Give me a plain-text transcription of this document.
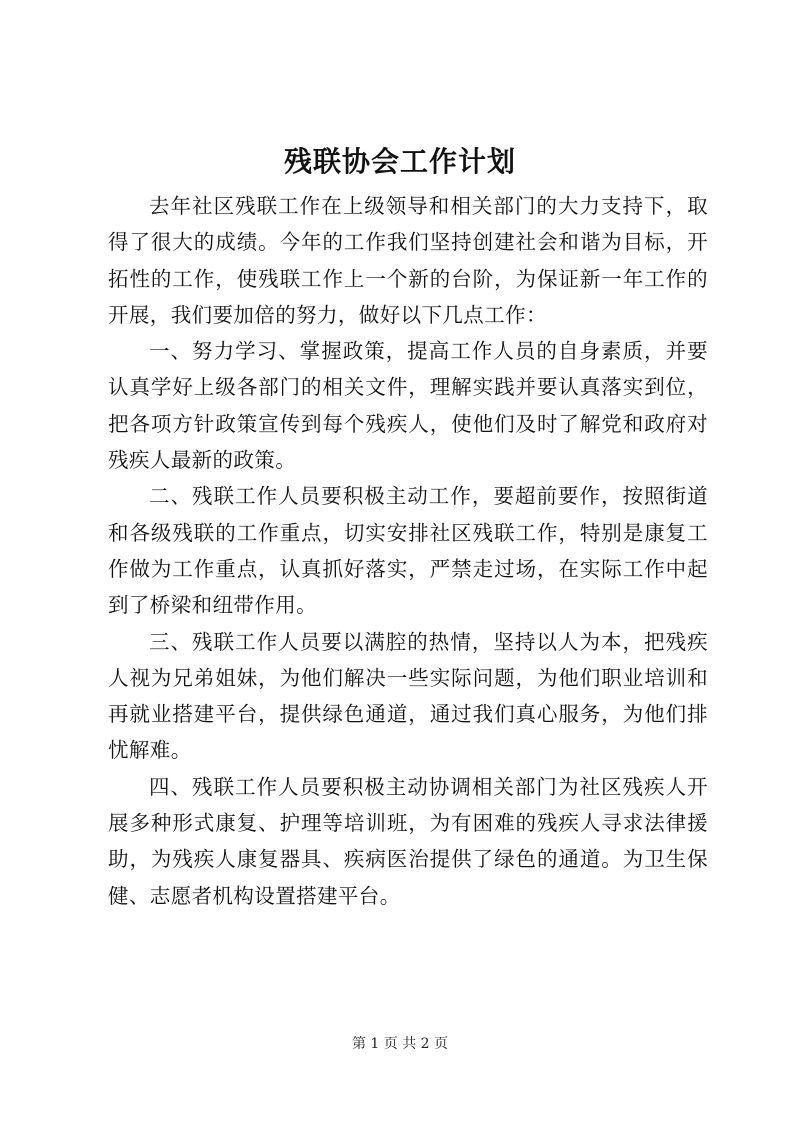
残联协会工作计划

去年社区残联工作在上级领导和相关部门的大力支持下，取得了很大的成绩。今年的工作我们坚持创建社会和谐为目标，开拓性的工作，使残联工作上一个新的台阶，为保证新一年工作的开展，我们要加倍的努力，做好以下几点工作：

一、努力学习、掌握政策，提高工作人员的自身素质，并要认真学好上级各部门的相关文件，理解实践并要认真落实到位，把各项方针政策宣传到每个残疾人，使他们及时了解党和政府对残疾人最新的政策。

二、残联工作人员要积极主动工作，要超前要作，按照街道和各级残联的工作重点，切实安排社区残联工作，特别是康复工作做为工作重点，认真抓好落实，严禁走过场，在实际工作中起到了桥梁和纽带作用。

三、残联工作人员要以满腔的热情，坚持以人为本，把残疾人视为兄弟姐妹，为他们解决一些实际问题，为他们职业培训和再就业搭建平台，提供绿色通道，通过我们真心服务，为他们排忧解难。

四、残联工作人员要积极主动协调相关部门为社区残疾人开展多种形式康复、护理等培训班，为有困难的残疾人寻求法律援助，为残疾人康复器具、疾病医治提供了绿色的通道。为卫生保健、志愿者机构设置搭建平台。

第 1 页 共 2 页
